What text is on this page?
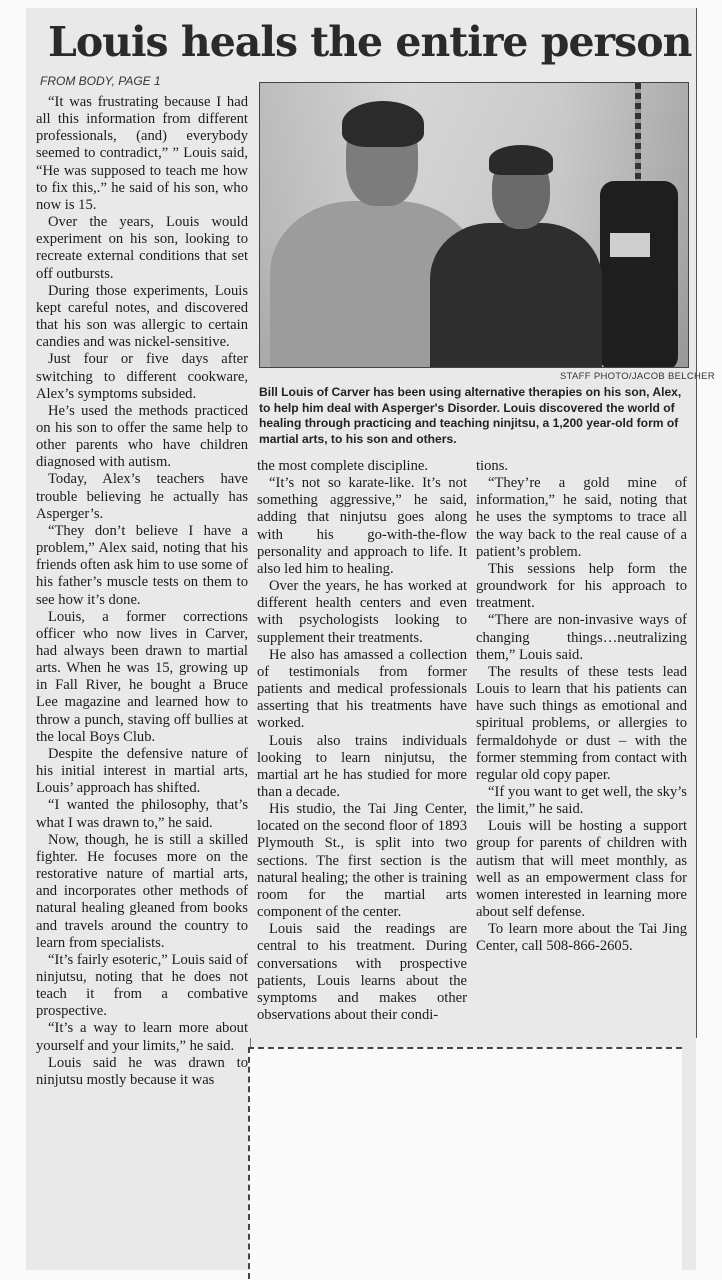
Louis heals the entire person
FROM BODY, PAGE 1
STAFF PHOTO/JACOB BELCHER
Bill Louis of Carver has been using alternative therapies on his son, Alex, to help him deal with Asperger's Disorder. Louis discovered the world of healing through practicing and teaching ninjitsu, a 1,200 year-old form of martial arts, to his son and others.

“It was frustrating because I had all this information from different professionals, (and) everybody seemed to contradict,” ” Louis said, “He was supposed to teach me how to fix this,.” he said of his son, who now is 15.

Over the years, Louis would experiment on his son, looking to recreate external conditions that set off outbursts.

During those experiments, Louis kept careful notes, and discovered that his son was allergic to certain candies and was nickel-sensitive.

Just four or five days after switching to different cookware, Alex’s symptoms subsided.

He’s used the methods practiced on his son to offer the same help to other parents who have children diagnosed with autism.

Today, Alex’s teachers have trouble believing he actually has Asperger’s.

“They don’t believe I have a problem,” Alex said, noting that his friends often ask him to use some of his father’s muscle tests on them to see how it’s done.

Louis, a former corrections officer who now lives in Carver, had always been drawn to martial arts. When he was 15, growing up in Fall River, he bought a Bruce Lee magazine and learned how to throw a punch, staving off bullies at the local Boys Club.

Despite the defensive nature of his initial interest in martial arts, Louis’ approach has shifted.

“I wanted the philosophy, that’s what I was drawn to,” he said.

Now, though, he is still a skilled fighter. He focuses more on the restorative nature of martial arts, and incorporates other methods of natural healing gleaned from books and travels around the country to learn from specialists.

“It’s fairly esoteric,” Louis said of ninjutsu, noting that he does not teach it from a combative prospective.

“It’s a way to learn more about yourself and your limits,” he said.

Louis said he was drawn to ninjutsu mostly because it was

the most complete discipline.

“It’s not so karate-like. It’s not something aggressive,” he said, adding that ninjutsu goes along with his go-with-the-flow personality and approach to life. It also led him to healing.

Over the years, he has worked at different health centers and even with psychologists looking to supplement their treatments.

He also has amassed a collection of testimonials from former patients and medical professionals asserting that his treatments have worked.

Louis also trains individuals looking to learn ninjutsu, the martial art he has studied for more than a decade.

His studio, the Tai Jing Center, located on the second floor of 1893 Plymouth St., is split into two sections. The first section is the natural healing; the other is training room for the martial arts component of the center.

Louis said the readings are central to his treatment. During conversations with prospective patients, Louis learns about the symptoms and makes other observations about their condi-

tions.

“They’re a gold mine of information,” he said, noting that he uses the symptoms to trace all the way back to the real cause of a patient’s problem.

This sessions help form the groundwork for his approach to treatment.

“There are non-invasive ways of changing things…neutralizing them,” Louis said.

The results of these tests lead Louis to learn that his patients can have such things as emotional and spiritual problems, or allergies to fermaldohyde or dust – with the former stemming from contact with regular old copy paper.

“If you want to get well, the sky’s the limit,” he said.

Louis will be hosting a support group for parents of children with autism that will meet monthly, as well as an empowerment class for women interested in learning more about self defense.

To learn more about the Tai Jing Center, call 508-866-2605.
